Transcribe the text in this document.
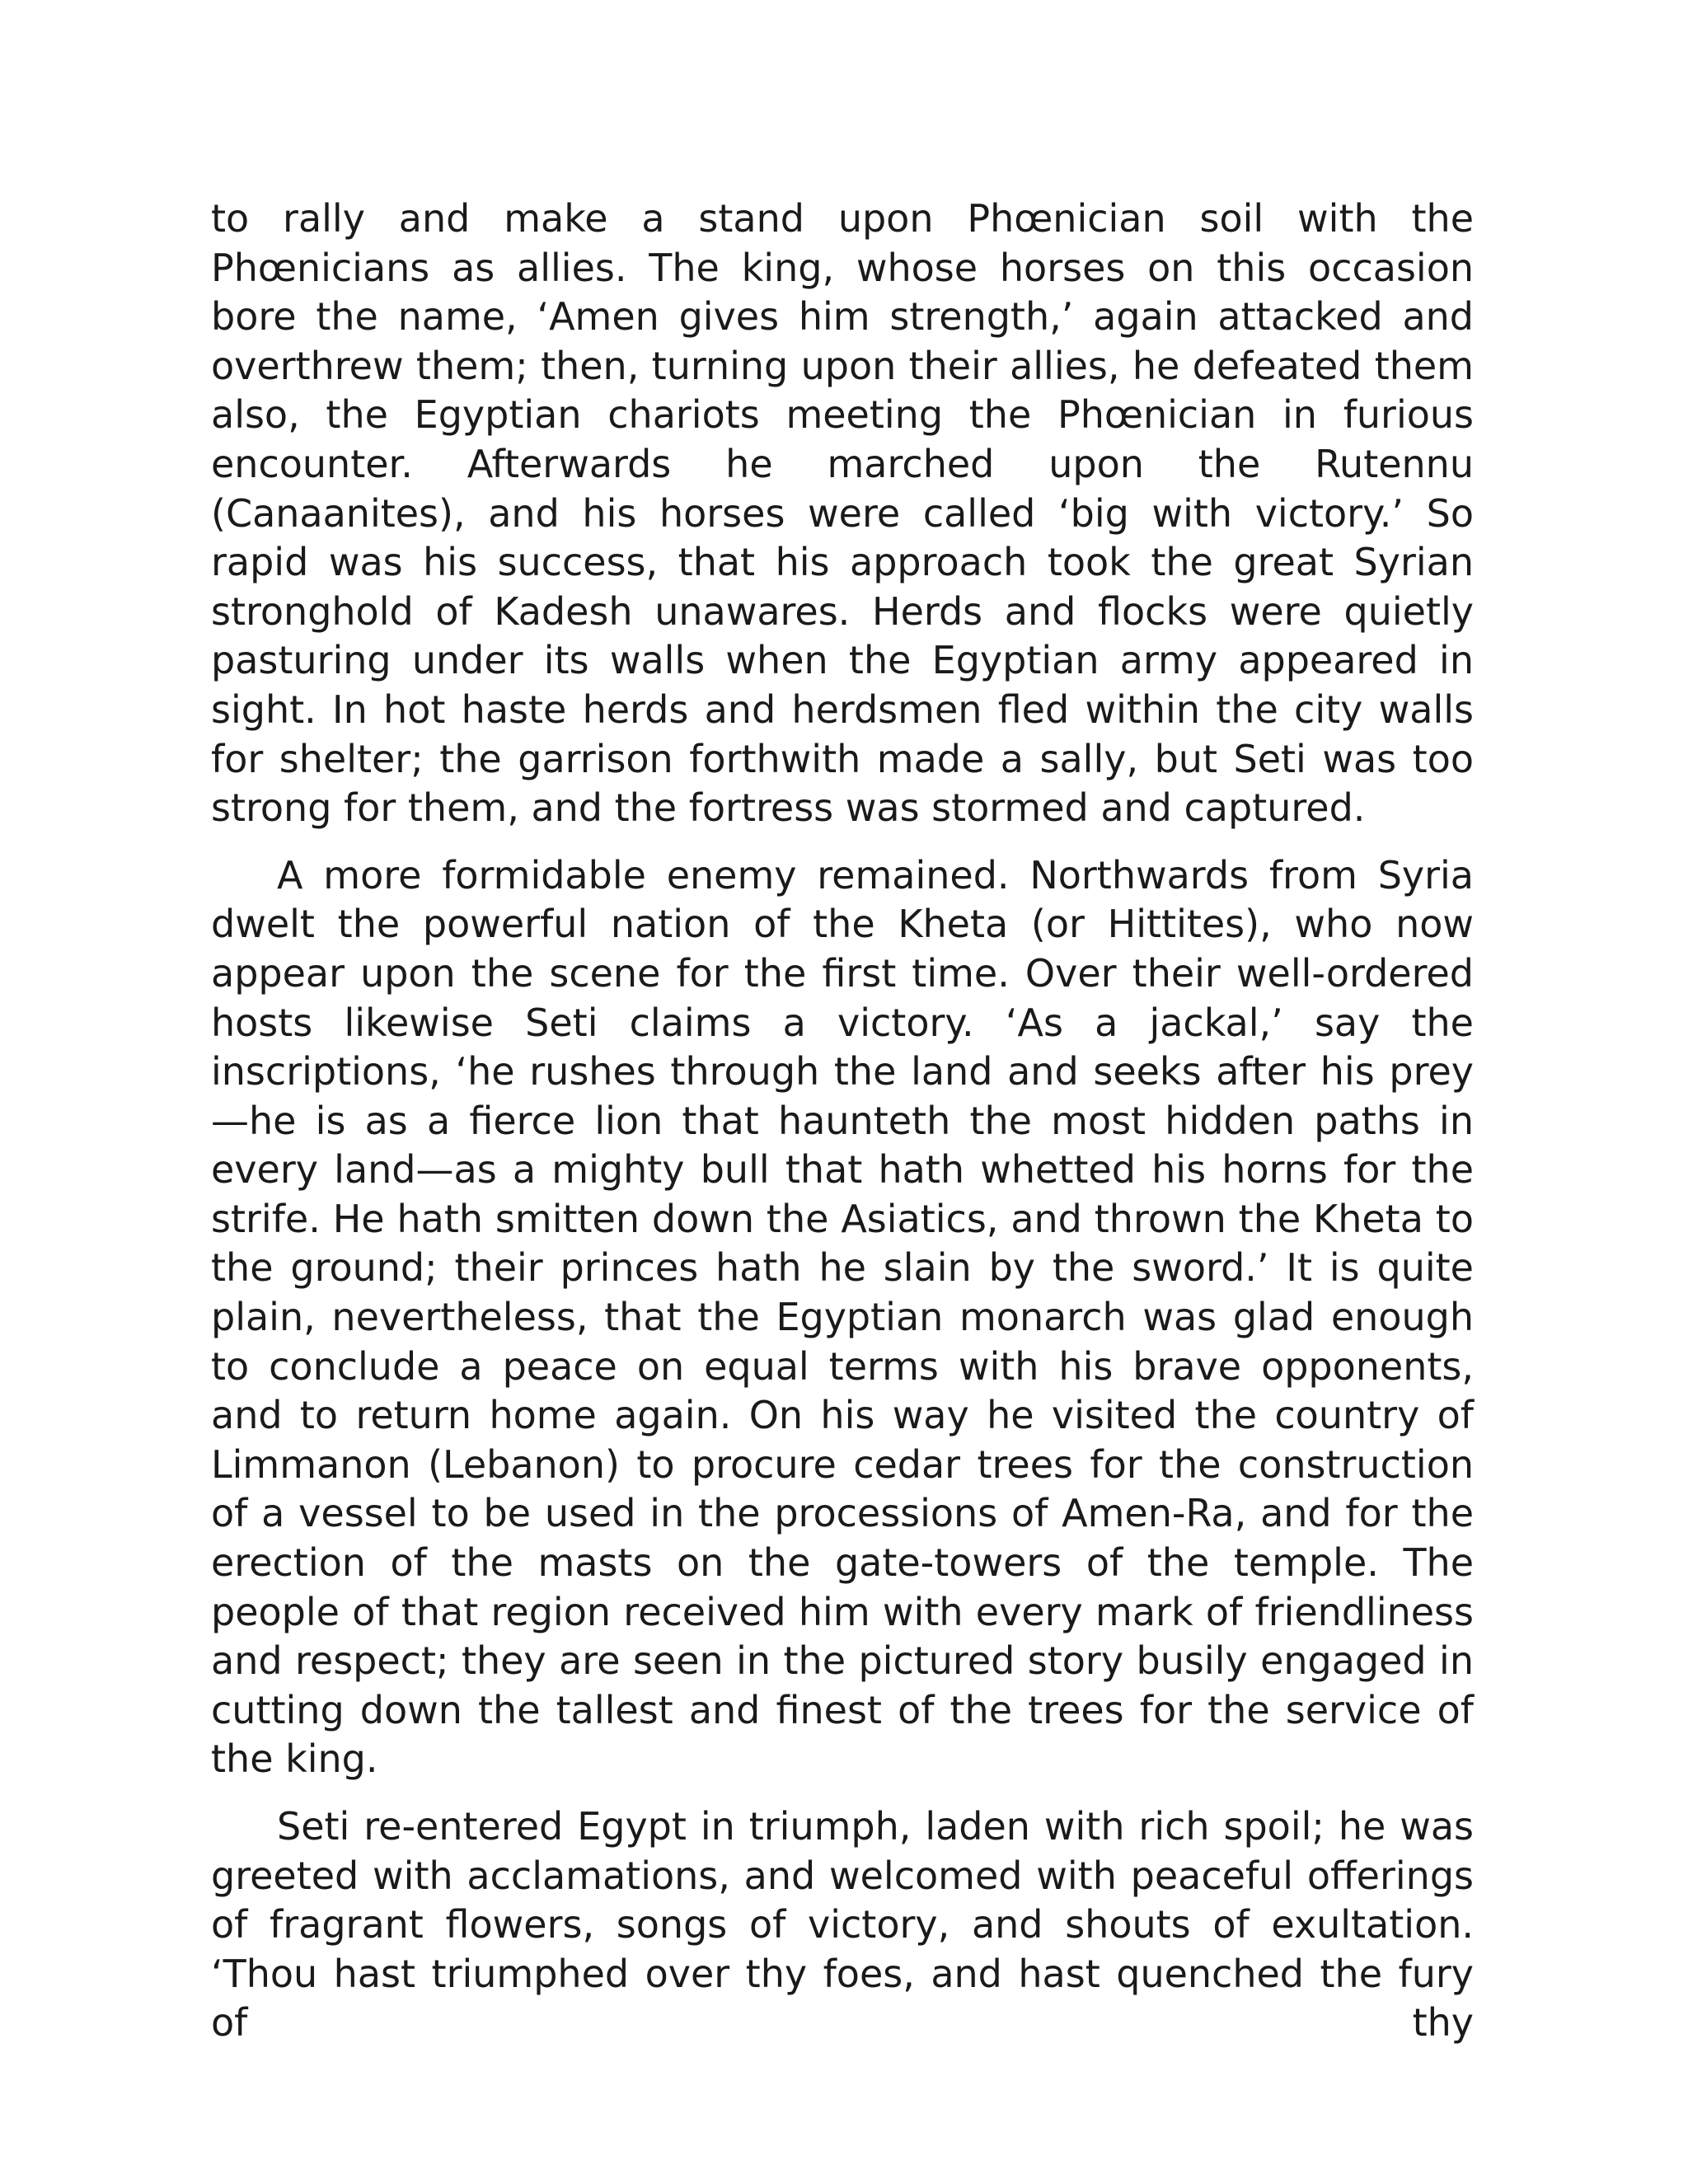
to rally and make a stand upon Phœnician soil with the Phœnicians as allies. The king, whose horses on this occasion bore the name, ‘Amen gives him strength,’ again attacked and overthrew them; then, turning upon their allies, he defeated them also, the Egyptian chariots meeting the Phœnician in furious encounter. Afterwards he marched upon the Rutennu (Canaanites), and his horses were called ‘big with victory.’ So rapid was his success, that his approach took the great Syrian stronghold of Kadesh unawares. Herds and flocks were quietly pasturing under its walls when the Egyptian army appeared in sight. In hot haste herds and herdsmen fled within the city walls for shelter; the garrison forthwith made a sally, but Seti was too strong for them, and the fortress was stormed and captured.

A more formidable enemy remained. Northwards from Syria dwelt the powerful nation of the Kheta (or Hittites), who now appear upon the scene for the first time. Over their well-ordered hosts likewise Seti claims a victory. ‘As a jackal,’ say the inscriptions, ‘he rushes through the land and seeks after his prey—he is as a fierce lion that haunteth the most hidden paths in every land—as a mighty bull that hath whetted his horns for the strife. He hath smitten down the Asiatics, and thrown the Kheta to the ground; their princes hath he slain by the sword.’ It is quite plain, nevertheless, that the Egyptian monarch was glad enough to conclude a peace on equal terms with his brave opponents, and to return home again. On his way he visited the country of Limmanon (Lebanon) to procure cedar trees for the construction of a vessel to be used in the processions of Amen-Ra, and for the erection of the masts on the gate-towers of the temple. The people of that region received him with every mark of friendliness and respect; they are seen in the pictured story busily engaged in cutting down the tallest and finest of the trees for the service of the king.

Seti re-entered Egypt in triumph, laden with rich spoil; he was greeted with acclamations, and welcomed with peaceful offerings of fragrant flowers, songs of victory, and shouts of exultation. ‘Thou hast triumphed over thy foes, and hast quenched the fury of thy
